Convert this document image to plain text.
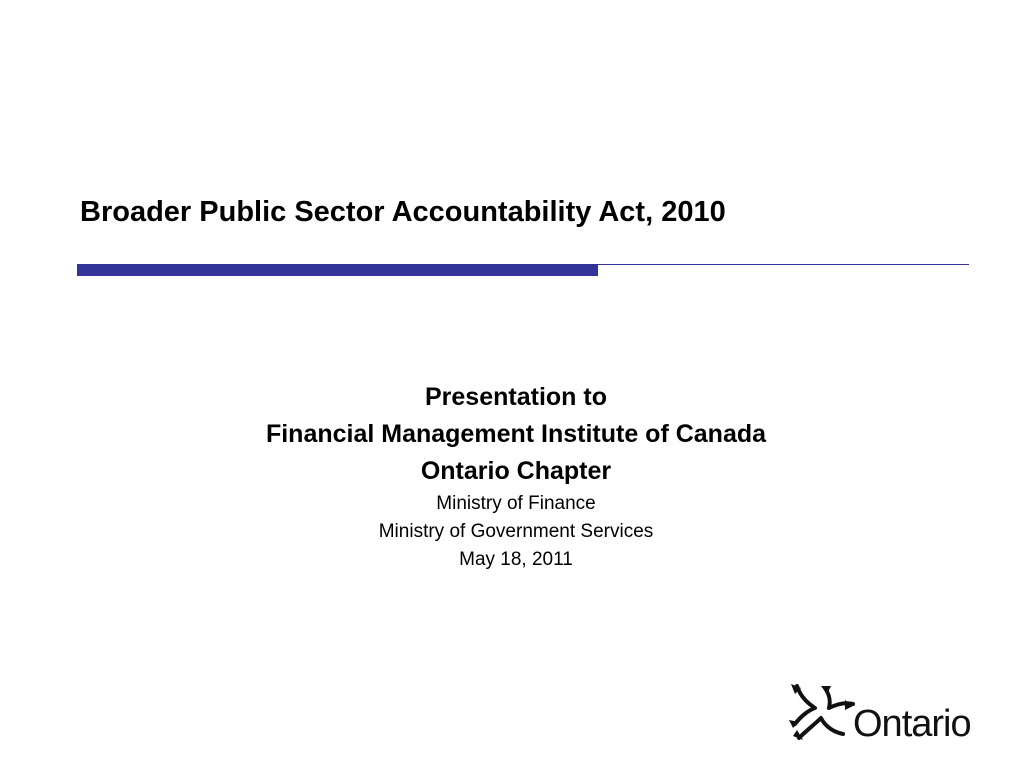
Broader Public Sector Accountability Act, 2010
Presentation to
Financial Management Institute of Canada
Ontario Chapter
Ministry of Finance
Ministry of Government Services
May 18, 2011
Ontario
